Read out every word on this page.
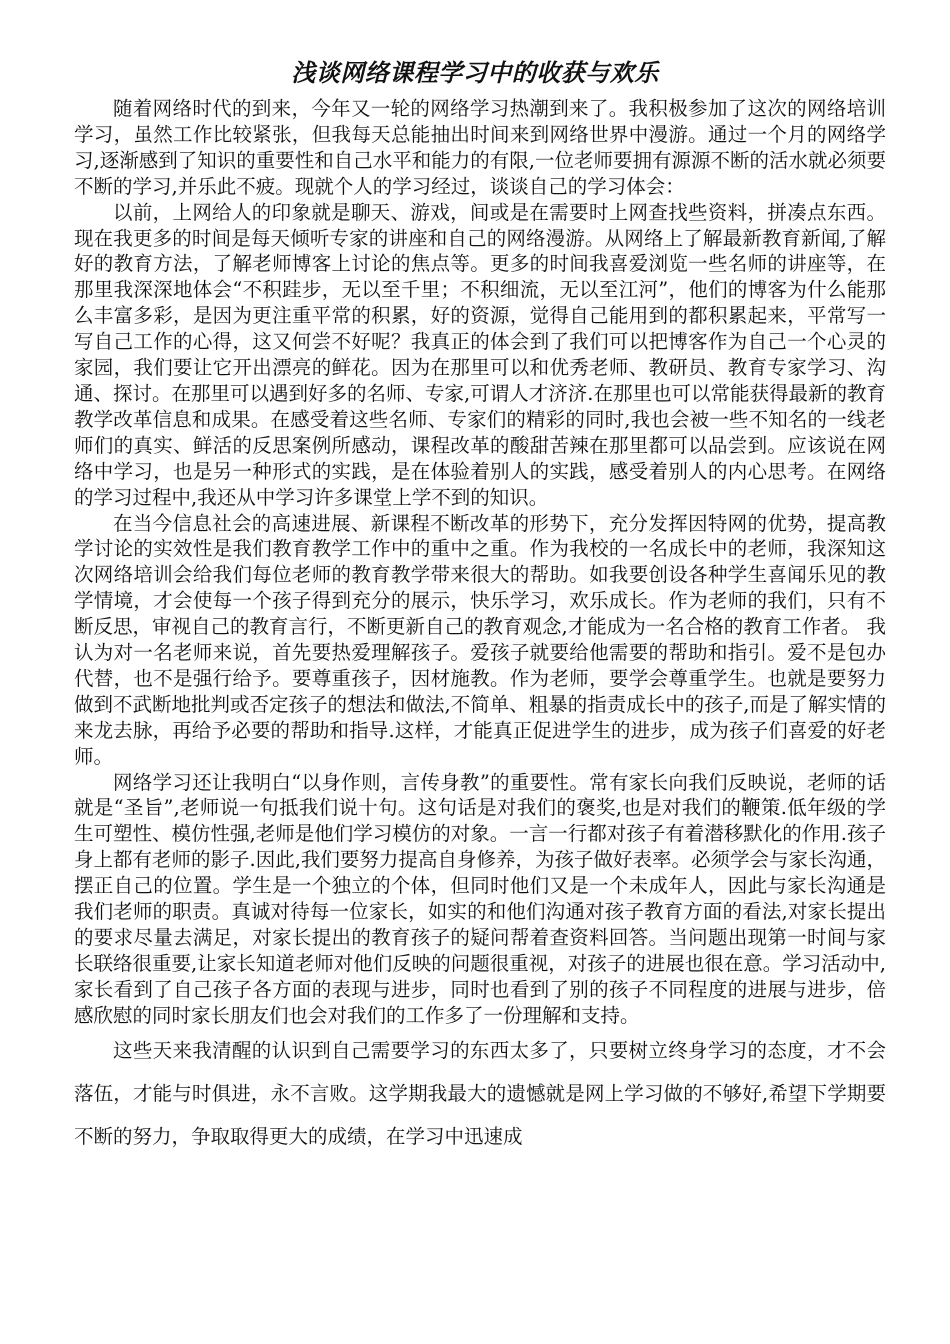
浅谈网络课程学习中的收获与欢乐

随着网络时代的到来，今年又一轮的网络学习热潮到来了。我积极参加了这次的网络培训学习，虽然工作比较紧张，但我每天总能抽出时间来到网络世界中漫游。通过一个月的网络学习,逐渐感到了知识的重要性和自己水平和能力的有限,一位老师要拥有源源不断的活水就必须要不断的学习,并乐此不疲。现就个人的学习经过，谈谈自己的学习体会：

以前，上网给人的印象就是聊天、游戏，间或是在需要时上网查找些资料，拼凑点东西。现在我更多的时间是每天倾听专家的讲座和自己的网络漫游。从网络上了解最新教育新闻,了解好的教育方法，了解老师博客上讨论的焦点等。更多的时间我喜爱浏览一些名师的讲座等，在那里我深深地体会“不积跬步，无以至千里；不积细流，无以至江河”，他们的博客为什么能那么丰富多彩，是因为更注重平常的积累，好的资源，觉得自己能用到的都积累起来，平常写一写自己工作的心得，这又何尝不好呢？我真正的体会到了我们可以把博客作为自己一个心灵的家园，我们要让它开出漂亮的鲜花。因为在那里可以和优秀老师、教研员、教育专家学习、沟通、探讨。在那里可以遇到好多的名师、专家,可谓人才济济.在那里也可以常能获得最新的教育教学改革信息和成果。在感受着这些名师、专家们的精彩的同时,我也会被一些不知名的一线老师们的真实、鲜活的反思案例所感动，课程改革的酸甜苦辣在那里都可以品尝到。应该说在网络中学习，也是另一种形式的实践，是在体验着别人的实践，感受着别人的内心思考。在网络的学习过程中,我还从中学习许多课堂上学不到的知识。

在当今信息社会的高速进展、新课程不断改革的形势下，充分发挥因特网的优势，提高教学讨论的实效性是我们教育教学工作中的重中之重。作为我校的一名成长中的老师，我深知这次网络培训会给我们每位老师的教育教学带来很大的帮助。如我要创设各种学生喜闻乐见的教学情境，才会使每一个孩子得到充分的展示，快乐学习，欢乐成长。作为老师的我们，只有不断反思，审视自己的教育言行，不断更新自己的教育观念,才能成为一名合格的教育工作者。 我认为对一名老师来说，首先要热爱理解孩子。爱孩子就要给他需要的帮助和指引。爱不是包办代替，也不是强行给予。要尊重孩子，因材施教。作为老师，要学会尊重学生。也就是要努力做到不武断地批判或否定孩子的想法和做法,不简单、粗暴的指责成长中的孩子,而是了解实情的来龙去脉，再给予必要的帮助和指导.这样，才能真正促进学生的进步，成为孩子们喜爱的好老师。

网络学习还让我明白“以身作则，言传身教”的重要性。常有家长向我们反映说，老师的话就是“圣旨”,老师说一句抵我们说十句。这句话是对我们的褒奖,也是对我们的鞭策.低年级的学生可塑性、模仿性强,老师是他们学习模仿的对象。一言一行都对孩子有着潜移默化的作用.孩子身上都有老师的影子.因此,我们要努力提高自身修养，为孩子做好表率。必须学会与家长沟通，摆正自己的位置。学生是一个独立的个体，但同时他们又是一个未成年人，因此与家长沟通是我们老师的职责。真诚对待每一位家长，如实的和他们沟通对孩子教育方面的看法,对家长提出的要求尽量去满足，对家长提出的教育孩子的疑问帮着查资料回答。当问题出现第一时间与家长联络很重要,让家长知道老师对他们反映的问题很重视，对孩子的进展也很在意。学习活动中,家长看到了自己孩子各方面的表现与进步，同时也看到了别的孩子不同程度的进展与进步，倍感欣慰的同时家长朋友们也会对我们的工作多了一份理解和支持。

这些天来我清醒的认识到自己需要学习的东西太多了，只要树立终身学习的态度，才不会落伍，才能与时俱进，永不言败。这学期我最大的遗憾就是网上学习做的不够好,希望下学期要不断的努力，争取取得更大的成绩，在学习中迅速成
